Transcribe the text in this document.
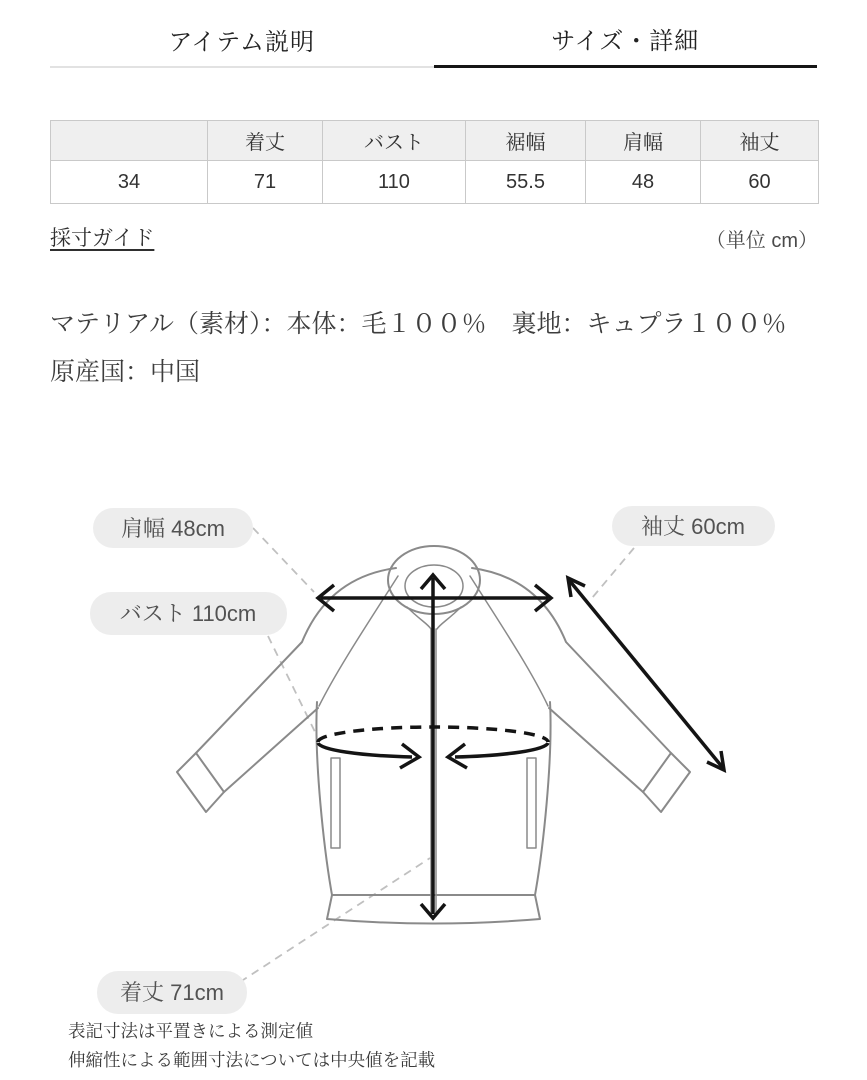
アイテム説明	サイズ・詳細
	着丈	バスト	裾幅	肩幅	袖丈
34	71	110	55.5	48	60
採寸ガイド	（単位 cm）
マテリアル（素材）：本体：毛１００％　裏地：キュプラ１００％
原産国：中国
肩幅 48cm	袖丈 60cm
バスト 110cm
着丈 71cm
表記寸法は平置きによる測定値
伸縮性による範囲寸法については中央値を記載
